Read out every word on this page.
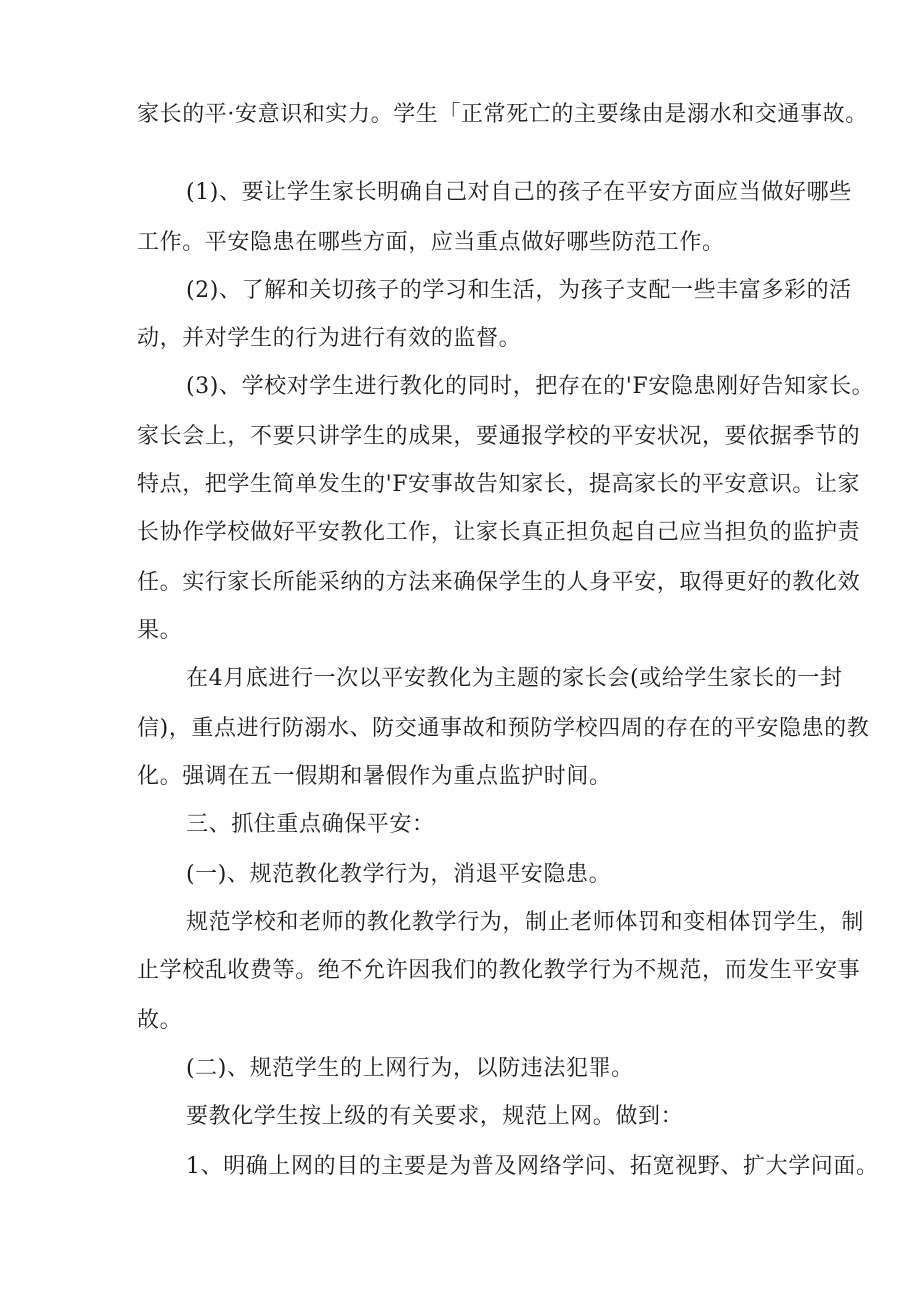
家长的平·安意识和实力。学生「正常死亡的主要缘由是溺水和交通事故。
(1)、要让学生家长明确自己对自己的孩子在平安方面应当做好哪些
工作。平安隐患在哪些方面，应当重点做好哪些防范工作。
(2)、了解和关切孩子的学习和生活，为孩子支配一些丰富多彩的活
动，并对学生的行为进行有效的监督。
(3)、学校对学生进行教化的同时，把存在的'F安隐患刚好告知家长。
家长会上，不要只讲学生的成果，要通报学校的平安状况，要依据季节的
特点，把学生简单发生的'F安事故告知家长，提高家长的平安意识。让家
长协作学校做好平安教化工作，让家长真正担负起自己应当担负的监护责
任。实行家长所能采纳的方法来确保学生的人身平安，取得更好的教化效
果。
在4月底进行一次以平安教化为主题的家长会(或给学生家长的一封
信)，重点进行防溺水、防交通事故和预防学校四周的存在的平安隐患的教
化。强调在五一假期和暑假作为重点监护时间。
三、抓住重点确保平安：
(一)、规范教化教学行为，消退平安隐患。
规范学校和老师的教化教学行为，制止老师体罚和变相体罚学生，制
止学校乱收费等。绝不允许因我们的教化教学行为不规范，而发生平安事
故。
(二)、规范学生的上网行为，以防违法犯罪。
要教化学生按上级的有关要求，规范上网。做到：
1、明确上网的目的主要是为普及网络学问、拓宽视野、扩大学问面。
